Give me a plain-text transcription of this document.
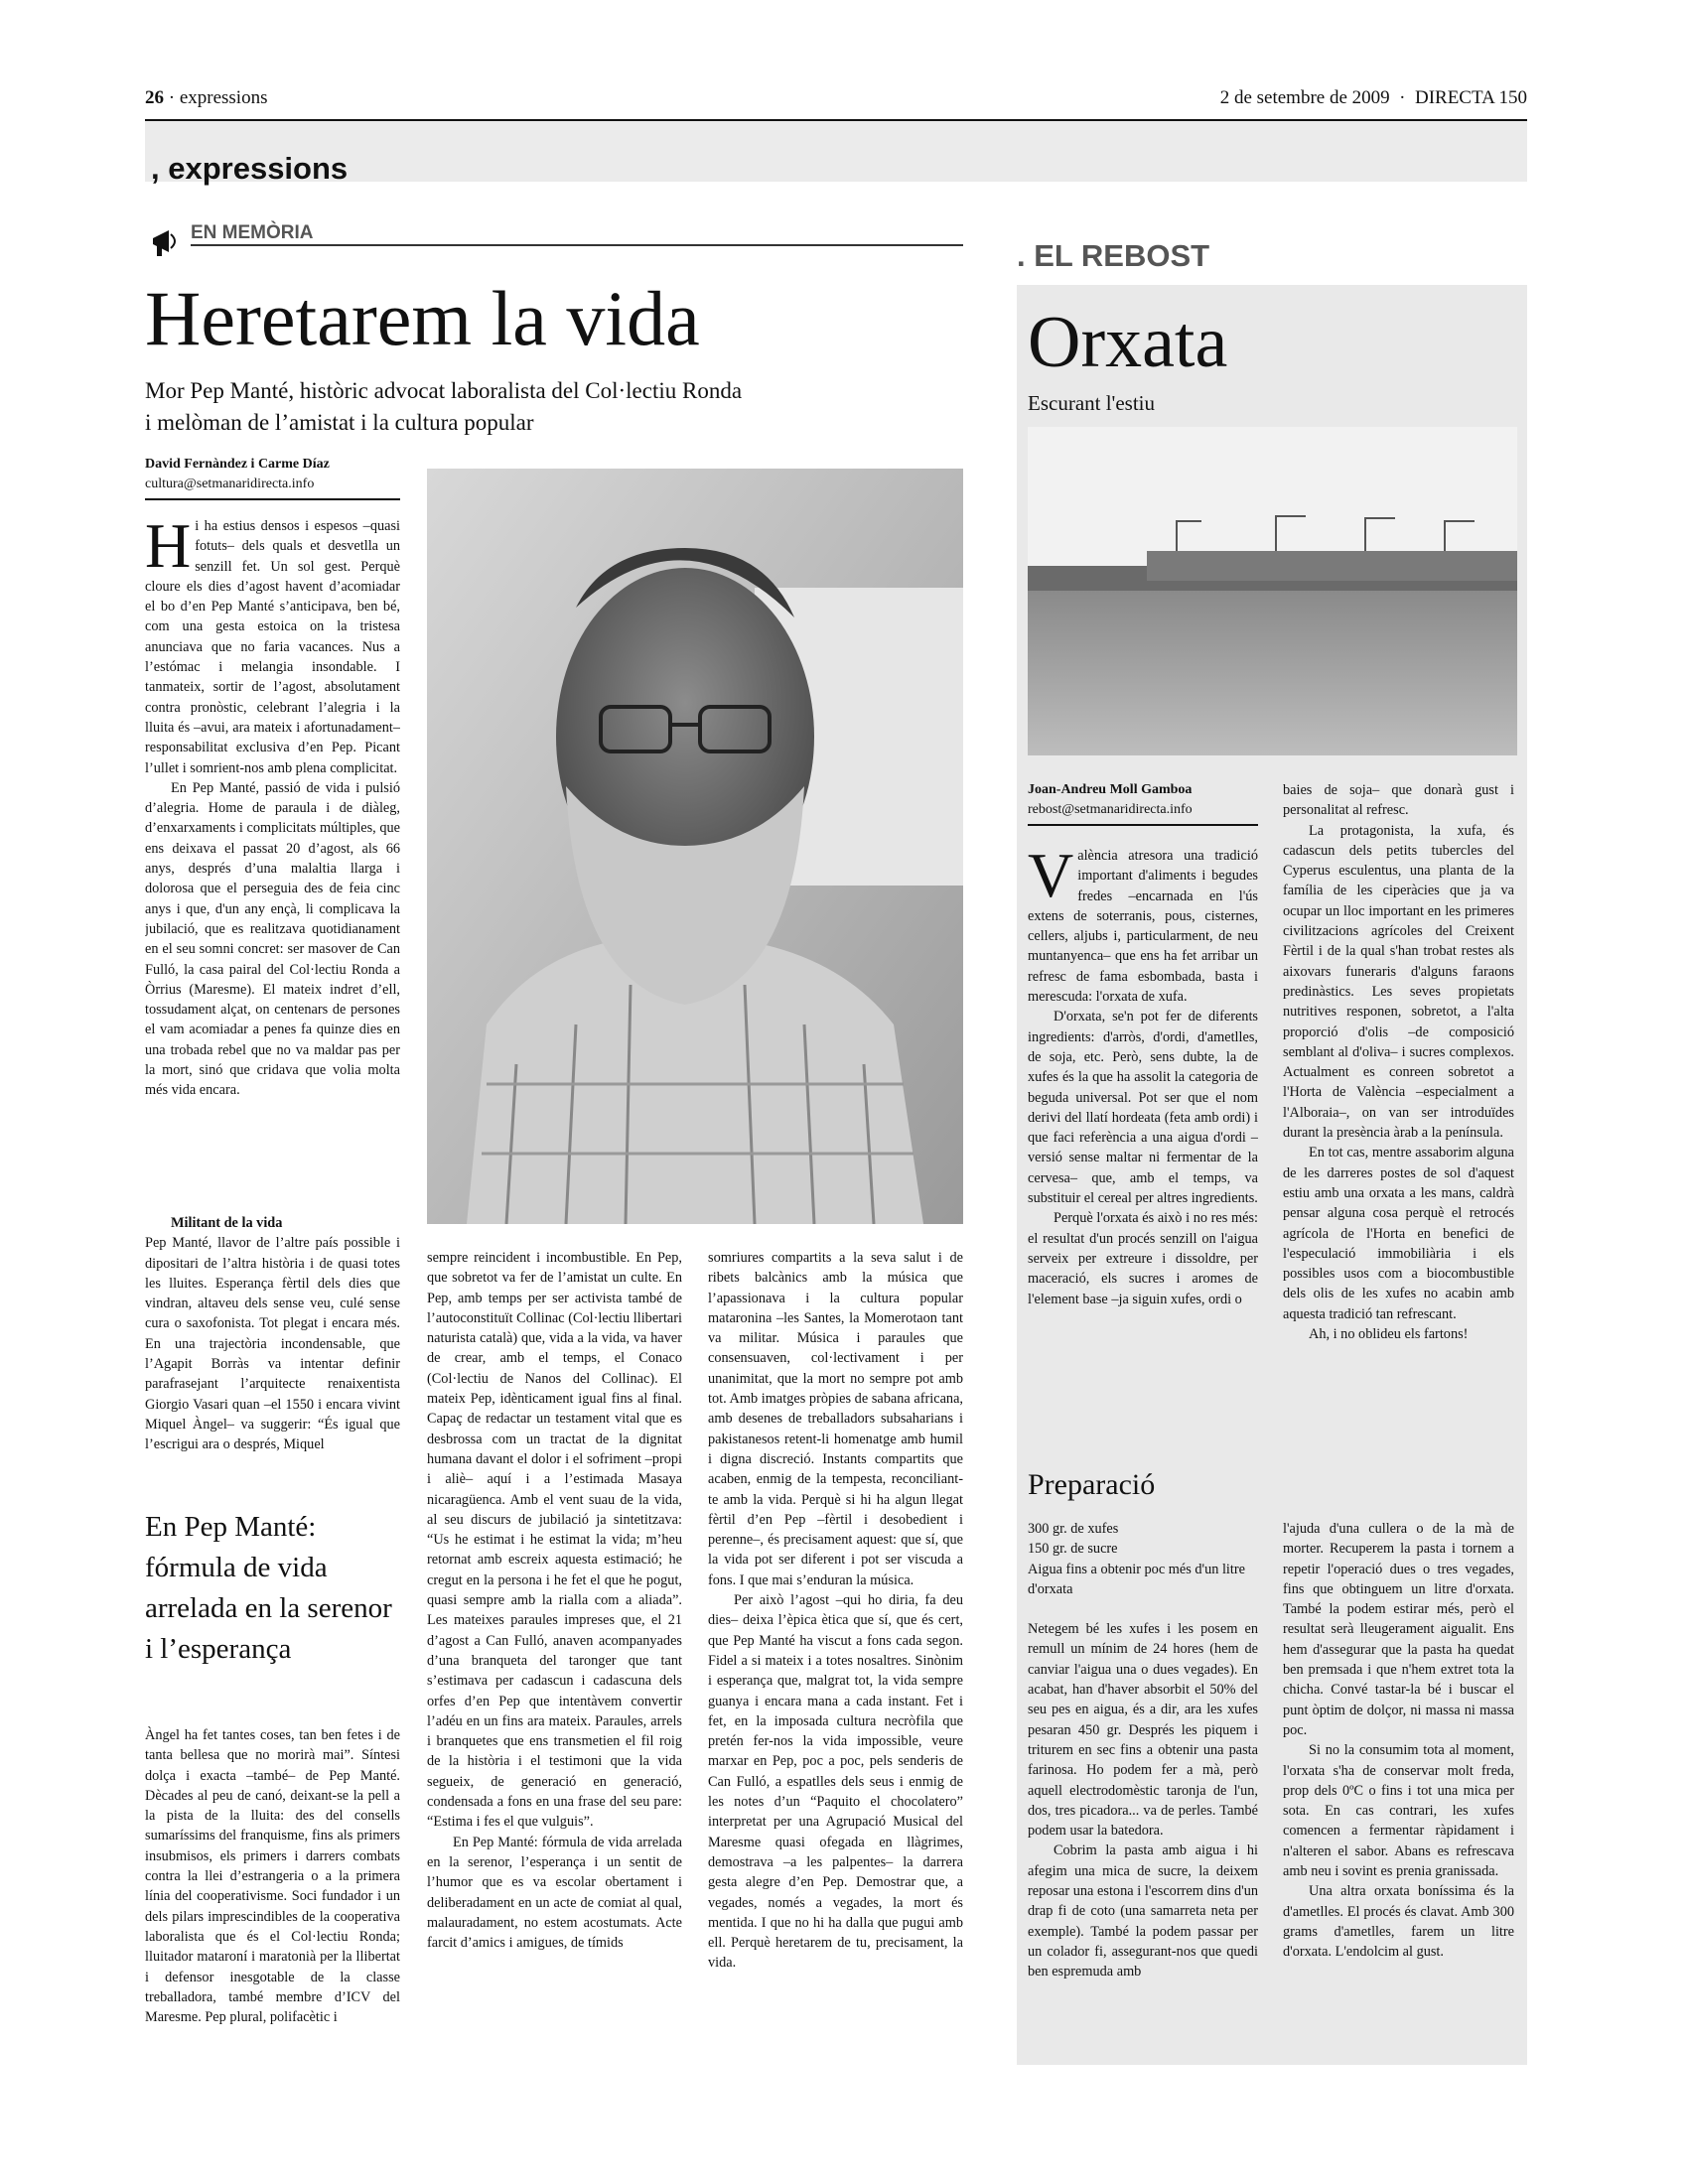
26 · expressions	2 de setembre de 2009  ·  DIRECTA 150
, expressions
EN MEMÒRIA
Heretarem la vida
Mor Pep Manté, històric advocat laboralista del Col·lectiu Ronda
i melòman de l’amistat i la cultura popular
David Fernàndez i Carme Díaz
cultura@setmanaridirecta.info

Hi ha estius densos i espesos –quasi fotuts– dels quals et desvetlla un senzill fet. Un sol gest. Perquè cloure els dies d’agost havent d’acomiadar el bo d’en Pep Manté s’anticipava, ben bé, com una gesta estoica on la tristesa anunciava que no faria vacances. Nus a l’estómac i melangia insondable. I tanmateix, sortir de l’agost, absolutament contra pronòstic, celebrant l’alegria i la lluita és –avui, ara mateix i afortunadament– responsabilitat exclusiva d’en Pep. Picant l’ullet i somrient-nos amb plena complicitat.

En Pep Manté, passió de vida i pulsió d’alegria. Home de paraula i de diàleg, d’enxarxaments i complicitats múltiples, que ens deixava el passat 20 d’agost, als 66 anys, després d’una malaltia llarga i dolorosa que el perseguia des de feia cinc anys i que, d'un any ençà, li complicava la jubilació, que es realitzava quotidianament en el seu somni concret: ser masover de Can Fulló, la casa pairal del Col·lectiu Ronda a Òrrius (Maresme). El mateix indret d’ell, tossudament alçat, on centenars de persones el vam acomiadar a penes fa quinze dies en una trobada rebel que no va maldar pas per la mort, sinó que cridava que volia molta més vida encara.

Militant de la vida

Pep Manté, llavor de l’altre país possible i dipositari de l’altra història i de quasi totes les lluites. Esperança fèrtil dels dies que vindran, altaveu dels sense veu, culé sense cura o saxofonista. Tot plegat i encara més. En una trajectòria incondensable, que l’Agapit Borràs va intentar definir parafrasejant l’arquitecte renaixentista Giorgio Vasari quan –el 1550 i encara vivint Miquel Àngel– va suggerir: “És igual que l’escrigui ara o després, Miquel

En Pep Manté: fórmula de vida arrelada en la serenor i l’esperança

Àngel ha fet tantes coses, tan ben fetes i de tanta bellesa que no morirà mai”. Síntesi dolça i exacta –també– de Pep Manté. Dècades al peu de canó, deixant-se la pell a la pista de la lluita: des del consells sumaríssims del franquisme, fins als primers insubmisos, els primers i darrers combats contra la llei d’estrangeria o a la primera línia del cooperativisme. Soci fundador i un dels pilars imprescindibles de la cooperativa laboralista que és el Col·lectiu Ronda; lluitador mataroní i maratonià per la llibertat i defensor inesgotable de la classe treballadora, també membre d’ICV del Maresme. Pep plural, polifacètic i

sempre reincident i incombustible. En Pep, que sobretot va fer de l’amistat un culte. En Pep, amb temps per ser activista també de l’autoconstituït Collinac (Col·lectiu llibertari naturista català) que, vida a la vida, va haver de crear, amb el temps, el Conaco (Col·lectiu de Nanos del Collinac). El mateix Pep, idènticament igual fins al final. Capaç de redactar un testament vital que es desbrossa com un tractat de la dignitat humana davant el dolor i el sofriment –propi i aliè– aquí i a l’estimada Masaya nicaragüenca. Amb el vent suau de la vida, al seu discurs de jubilació ja sintetitzava: “Us he estimat i he estimat la vida; m’heu retornat amb escreix aquesta estimació; he cregut en la persona i he fet el que he pogut, quasi sempre amb la rialla com a aliada”. Les mateixes paraules impreses que, el 21 d’agost a Can Fulló, anaven acompanyades d’una branqueta del taronger que tant s’estimava per cadascun i cadascuna dels orfes d’en Pep que intentàvem convertir l’adéu en un fins ara mateix. Paraules, arrels i branquetes que ens transmetien el fil roig de la història i el testimoni que la vida segueix, de generació en generació, condensada a fons en una frase del seu pare: “Estima i fes el que vulguis”.

En Pep Manté: fórmula de vida arrelada en la serenor, l’esperança i un sentit de l’humor que es va escolar obertament i deliberadament en un acte de comiat al qual, malauradament, no estem acostumats. Acte farcit d’amics i amigues, de tímids

somriures compartits a la seva salut i de ribets balcànics amb la música que l’apassionava i la cultura popular mataronina –les Santes, la Momerotaon tant va militar. Música i paraules que consensuaven, col·lectivament i per unanimitat, que la mort no sempre pot amb tot. Amb imatges pròpies de sabana africana, amb desenes de treballadors subsaharians i pakistanesos retent-li homenatge amb humil i digna discreció. Instants compartits que acaben, enmig de la tempesta, reconciliant-te amb la vida. Perquè si hi ha algun llegat fèrtil d’en Pep –fèrtil i desobedient i perenne–, és precisament aquest: que sí, que la vida pot ser diferent i pot ser viscuda a fons. I que mai s’enduran la música.

Per això l’agost –qui ho diria, fa deu dies– deixa l’èpica ètica que sí, que és cert, que Pep Manté ha viscut a fons cada segon. Fidel a si mateix i a totes nosaltres. Sinònim i esperança que, malgrat tot, la vida sempre guanya i encara mana a cada instant. Fet i fet, en la imposada cultura necròfila que pretén fer-nos la vida impossible, veure marxar en Pep, poc a poc, pels senderis de Can Fulló, a espatlles dels seus i enmig de les notes d’un “Paquito el chocolatero” interpretat per una Agrupació Musical del Maresme quasi ofegada en llàgrimes, demostrava –a les palpentes– la darrera gesta alegre d’en Pep. Demostrar que, a vegades, només a vegades, la mort és mentida. I que no hi ha dalla que pugui amb ell. Perquè heretarem de tu, precisament, la vida.

. EL REBOST
Orxata
Escurant l'estiu
Joan-Andreu Moll Gamboa
rebost@setmanaridirecta.info

València atresora una tradició important d'aliments i begudes fredes –encarnada en l'ús extens de soterranis, pous, cisternes, cellers, aljubs i, particularment, de neu muntanyenca– que ens ha fet arribar un refresc de fama esbombada, basta i merescuda: l'orxata de xufa.

D'orxata, se'n pot fer de diferents ingredients: d'arròs, d'ordi, d'ametlles, de soja, etc. Però, sens dubte, la de xufes és la que ha assolit la categoria de beguda universal. Pot ser que el nom derivi del llatí hordeata (feta amb ordi) i que faci referència a una aigua d'ordi –versió sense maltar ni fermentar de la cervesa– que, amb el temps, va substituir el cereal per altres ingredients.

Perquè l'orxata és això i no res més: el resultat d'un procés senzill on l'aigua serveix per extreure i dissoldre, per maceració, els sucres i aromes de l'element base –ja siguin xufes, ordi o

baies de soja– que donarà gust i personalitat al refresc.

La protagonista, la xufa, és cadascun dels petits tubercles del Cyperus esculentus, una planta de la família de les ciperàcies que ja va ocupar un lloc important en les primeres civilitzacions agrícoles del Creixent Fèrtil i de la qual s'han trobat restes als aixovars funeraris d'alguns faraons predinàstics. Les seves propietats nutritives responen, sobretot, a l'alta proporció d'olis –de composició semblant al d'oliva– i sucres complexos. Actualment es conreen sobretot a l'Horta de València –especialment a l'Alboraia–, on van ser introduïdes durant la presència àrab a la península.

En tot cas, mentre assaborim alguna de les darreres postes de sol d'aquest estiu amb una orxata a les mans, caldrà pensar alguna cosa perquè el retrocés agrícola de l'Horta en benefici de l'especulació immobiliària i els possibles usos com a biocombustible dels olis de les xufes no acabin amb aquesta tradició tan refrescant.

Ah, i no oblideu els fartons!

Preparació

300 gr. de xufes

150 gr. de sucre

Aigua fins a obtenir poc més d'un litre d'orxata

Netegem bé les xufes i les posem en remull un mínim de 24 hores (hem de canviar l'aigua una o dues vegades). En acabat, han d'haver absorbit el 50% del seu pes en aigua, és a dir, ara les xufes pesaran 450 gr. Després les piquem i triturem en sec fins a obtenir una pasta farinosa. Ho podem fer a mà, però aquell electrodomèstic taronja de l'un, dos, tres picadora... va de perles. També podem usar la batedora.

Cobrim la pasta amb aigua i hi afegim una mica de sucre, la deixem reposar una estona i l'escorrem dins d'un drap fi de coto (una samarreta neta per exemple). També la podem passar per un colador fi, assegurant-nos que quedi ben espremuda amb

l'ajuda d'una cullera o de la mà de morter. Recuperem la pasta i tornem a repetir l'operació dues o tres vegades, fins que obtinguem un litre d'orxata. També la podem estirar més, però el resultat serà lleugerament aigualit. Ens hem d'assegurar que la pasta ha quedat ben premsada i que n'hem extret tota la chicha. Convé tastar-la bé i buscar el punt òptim de dolçor, ni massa ni massa poc.

Si no la consumim tota al moment, l'orxata s'ha de conservar molt freda, prop dels 0ºC o fins i tot una mica per sota. En cas contrari, les xufes comencen a fermentar ràpidament i n'alteren el sabor. Abans es refrescava amb neu i sovint es prenia granissada.

Una altra orxata boníssima és la d'ametlles. El procés és clavat. Amb 300 grams d'ametlles, farem un litre d'orxata. L'endolcim al gust.
